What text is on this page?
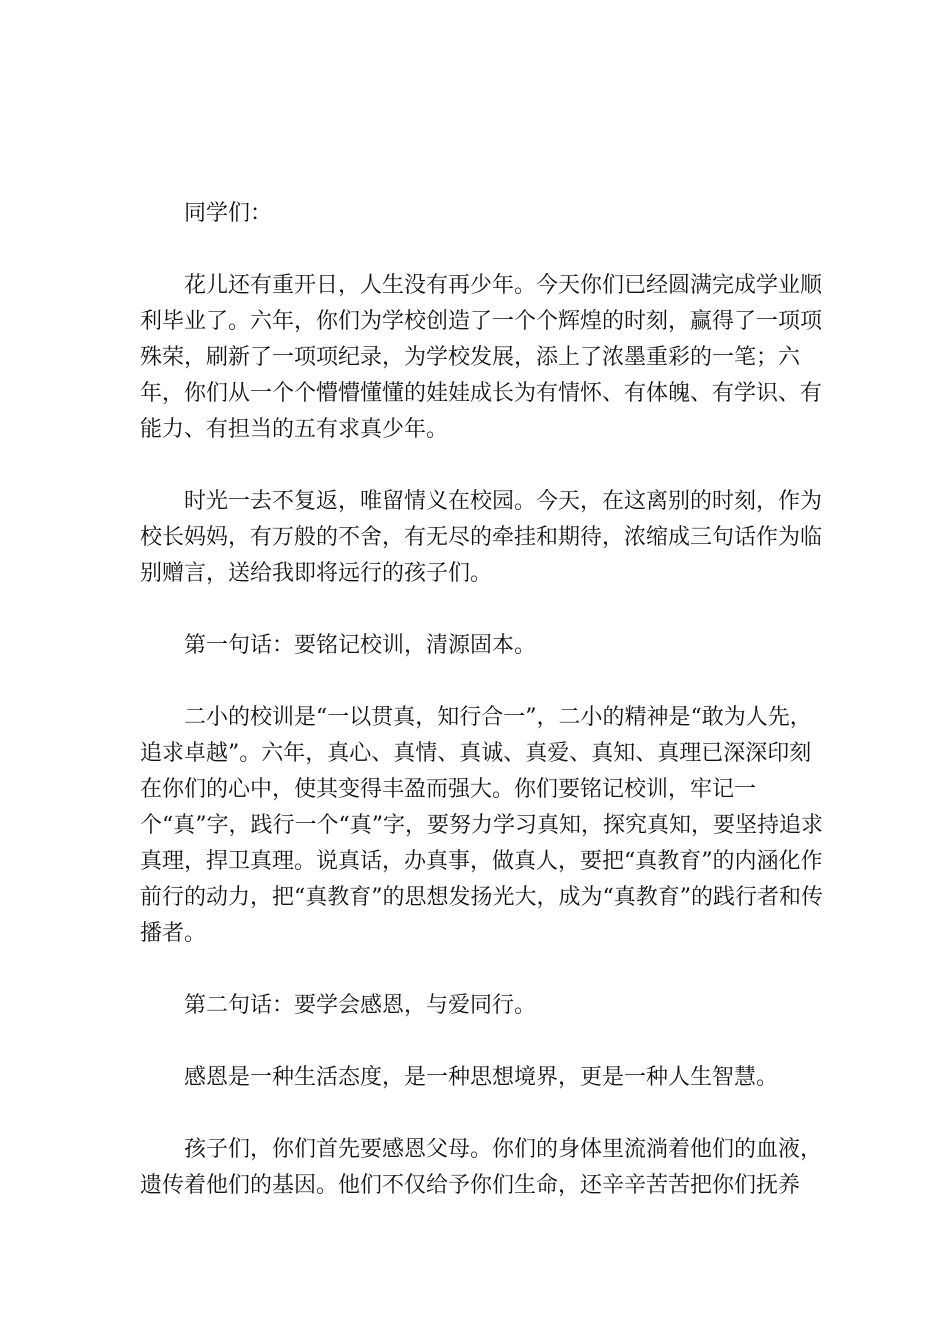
同学们：

花儿还有重开日，人生没有再少年。今天你们已经圆满完成学业顺利毕业了。六年，你们为学校创造了一个个辉煌的时刻，赢得了一项项殊荣，刷新了一项项纪录，为学校发展，添上了浓墨重彩的一笔；六年，你们从一个个懵懵懂懂的娃娃成长为有情怀、有体魄、有学识、有能力、有担当的五有求真少年。

时光一去不复返，唯留情义在校园。今天，在这离别的时刻，作为校长妈妈，有万般的不舍，有无尽的牵挂和期待，浓缩成三句话作为临别赠言，送给我即将远行的孩子们。

第一句话：要铭记校训，清源固本。

二小的校训是“一以贯真，知行合一”，二小的精神是“敢为人先，追求卓越”。六年，真心、真情、真诚、真爱、真知、真理已深深印刻在你们的心中，使其变得丰盈而强大。你们要铭记校训，牢记一个“真”字，践行一个“真”字，要努力学习真知，探究真知，要坚持追求真理，捍卫真理。说真话，办真事，做真人，要把“真教育”的内涵化作前行的动力，把“真教育”的思想发扬光大，成为“真教育”的践行者和传播者。

第二句话：要学会感恩，与爱同行。

感恩是一种生活态度，是一种思想境界，更是一种人生智慧。

孩子们，你们首先要感恩父母。你们的身体里流淌着他们的血液，遗传着他们的基因。他们不仅给予你们生命，还辛辛苦苦把你们抚养
